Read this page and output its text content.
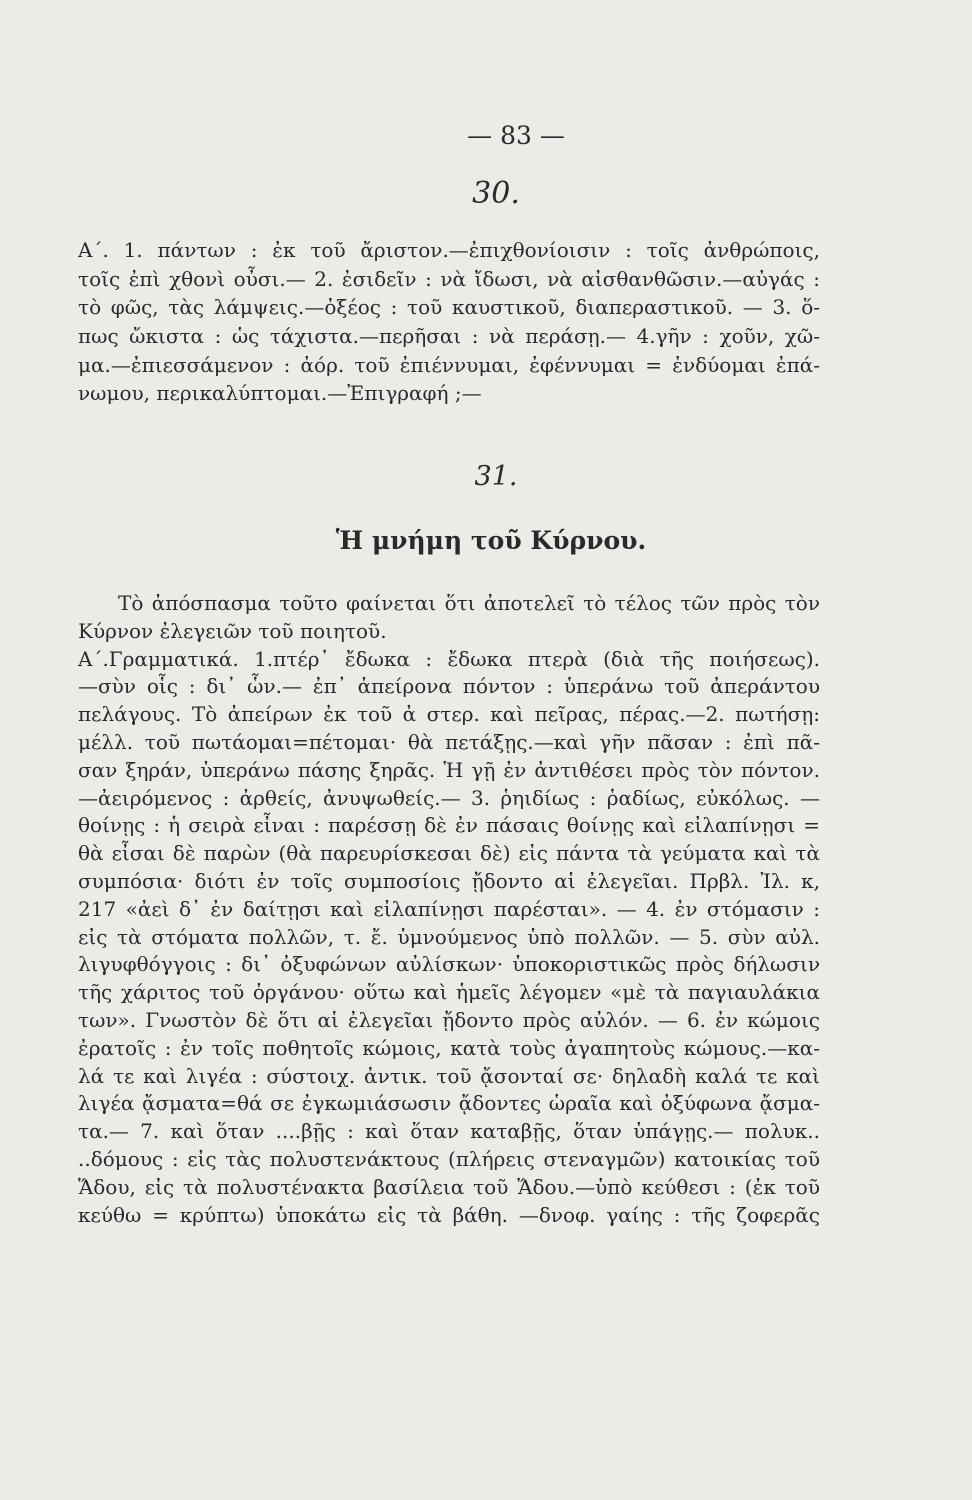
— 83 —
30.
Α΄. 1. πάντων : ἐκ τοῦ ἄριστον.—ἐπιχθονίοισιν : τοῖς ἀνθρώποις,
τοῖς ἐπὶ χθονὶ οὖσι.— 2. ἐσιδεῖν : νὰ ἴδωσι, νὰ αἰσθανθῶσιν.—αὐγάς :
τὸ φῶς, τὰς λάμψεις.—ὀξέος : τοῦ καυστικοῦ, διαπεραστικοῦ. — 3. ὅ-
πως ὤκιστα : ὡς τάχιστα.—περῆσαι : νὰ περάσῃ.— 4.γῆν : χοῦν, χῶ-
μα.—ἐπιεσσάμενον : ἀόρ. τοῦ ἐπιέννυμαι, ἐφέννυμαι = ἐνδύομαι ἐπά-
νωμου, περικαλύπτομαι.—Ἐπιγραφή ;—
31.
Ἡ μνήμη τοῦ Κύρνου.
Τὸ ἀπόσπασμα τοῦτο φαίνεται ὅτι ἀποτελεῖ τὸ τέλος τῶν πρὸς τὸν
Κύρνον ἐλεγειῶν τοῦ ποιητοῦ.
Α΄.Γραμματικά. 1.πτέρ᾽ ἔδωκα : ἔδωκα πτερὰ (διὰ τῆς ποιήσεως).
—σὺν οἷς : δι᾽ ὧν.— ἐπ᾽ ἀπείρονα πόντον : ὑπεράνω τοῦ ἀπεράντου
πελάγους. Τὸ ἀπείρων ἐκ τοῦ ἀ στερ. καὶ πεῖρας, πέρας.—2. πωτήσῃ:
μέλλ. τοῦ πωτάομαι=πέτομαι· θὰ πετάξῃς.—καὶ γῆν πᾶσαν : ἐπὶ πᾶ-
σαν ξηράν, ὑπεράνω πάσης ξηρᾶς. Ἡ γῇ ἐν ἀντιθέσει πρὸς τὸν πόντον.
—ἀειρόμενος : ἀρθείς, ἀνυψωθείς.— 3. ῥηιδίως : ῥαδίως, εὐκόλως. —
θοίνῃς : ἡ σειρὰ εἶναι : παρέσσῃ δὲ ἐν πάσαις θοίνῃς καὶ εἰλαπίνῃσι =
θὰ εἶσαι δὲ παρὼν (θὰ παρευρίσκεσαι δὲ) εἰς πάντα τὰ γεύματα καὶ τὰ
συμπόσια· διότι ἐν τοῖς συμποσίοις ᾔδοντο αἱ ἐλεγεῖαι. Πρβλ. Ἰλ. κ,
217 «ἀεὶ δ᾽ ἐν δαίτῃσι καὶ εἰλαπίνῃσι παρέσται». — 4. ἐν στόμασιν :
εἰς τὰ στόματα πολλῶν, τ. ἔ. ὑμνούμενος ὑπὸ πολλῶν. — 5. σὺν αὐλ.
λιγυφθόγγοις : δι᾽ ὀξυφώνων αὐλίσκων· ὑποκοριστικῶς πρὸς δήλωσιν
τῆς χάριτος τοῦ ὀργάνου· οὕτω καὶ ἡμεῖς λέγομεν «μὲ τὰ παγιαυλάκια
των». Γνωστὸν δὲ ὅτι αἱ ἐλεγεῖαι ᾔδοντο πρὸς αὐλόν. — 6. ἐν κώμοις
ἐρατοῖς : ἐν τοῖς ποθητοῖς κώμοις, κατὰ τοὺς ἀγαπητοὺς κώμους.—κα-
λά τε καὶ λιγέα : σύστοιχ. ἀντικ. τοῦ ᾄσονταί σε· δηλαδὴ καλά τε καὶ
λιγέα ᾄσματα=θά σε ἐγκωμιάσωσιν ᾄδοντες ὡραῖα καὶ ὀξύφωνα ᾄσμα-
τα.— 7. καὶ ὅταν ....βῇς : καὶ ὅταν καταβῇς, ὅταν ὑπάγῃς.— πολυκ..
..δόμους : εἰς τὰς πολυστενάκτους (πλήρεις στεναγμῶν) κατοικίας τοῦ
Ἅδου, εἰς τὰ πολυστένακτα βασίλεια τοῦ Ἅδου.—ὑπὸ κεύθεσι : (ἐκ τοῦ
κεύθω = κρύπτω) ὑποκάτω εἰς τὰ βάθη. —δνοφ. γαίης : τῆς ζοφερᾶς
